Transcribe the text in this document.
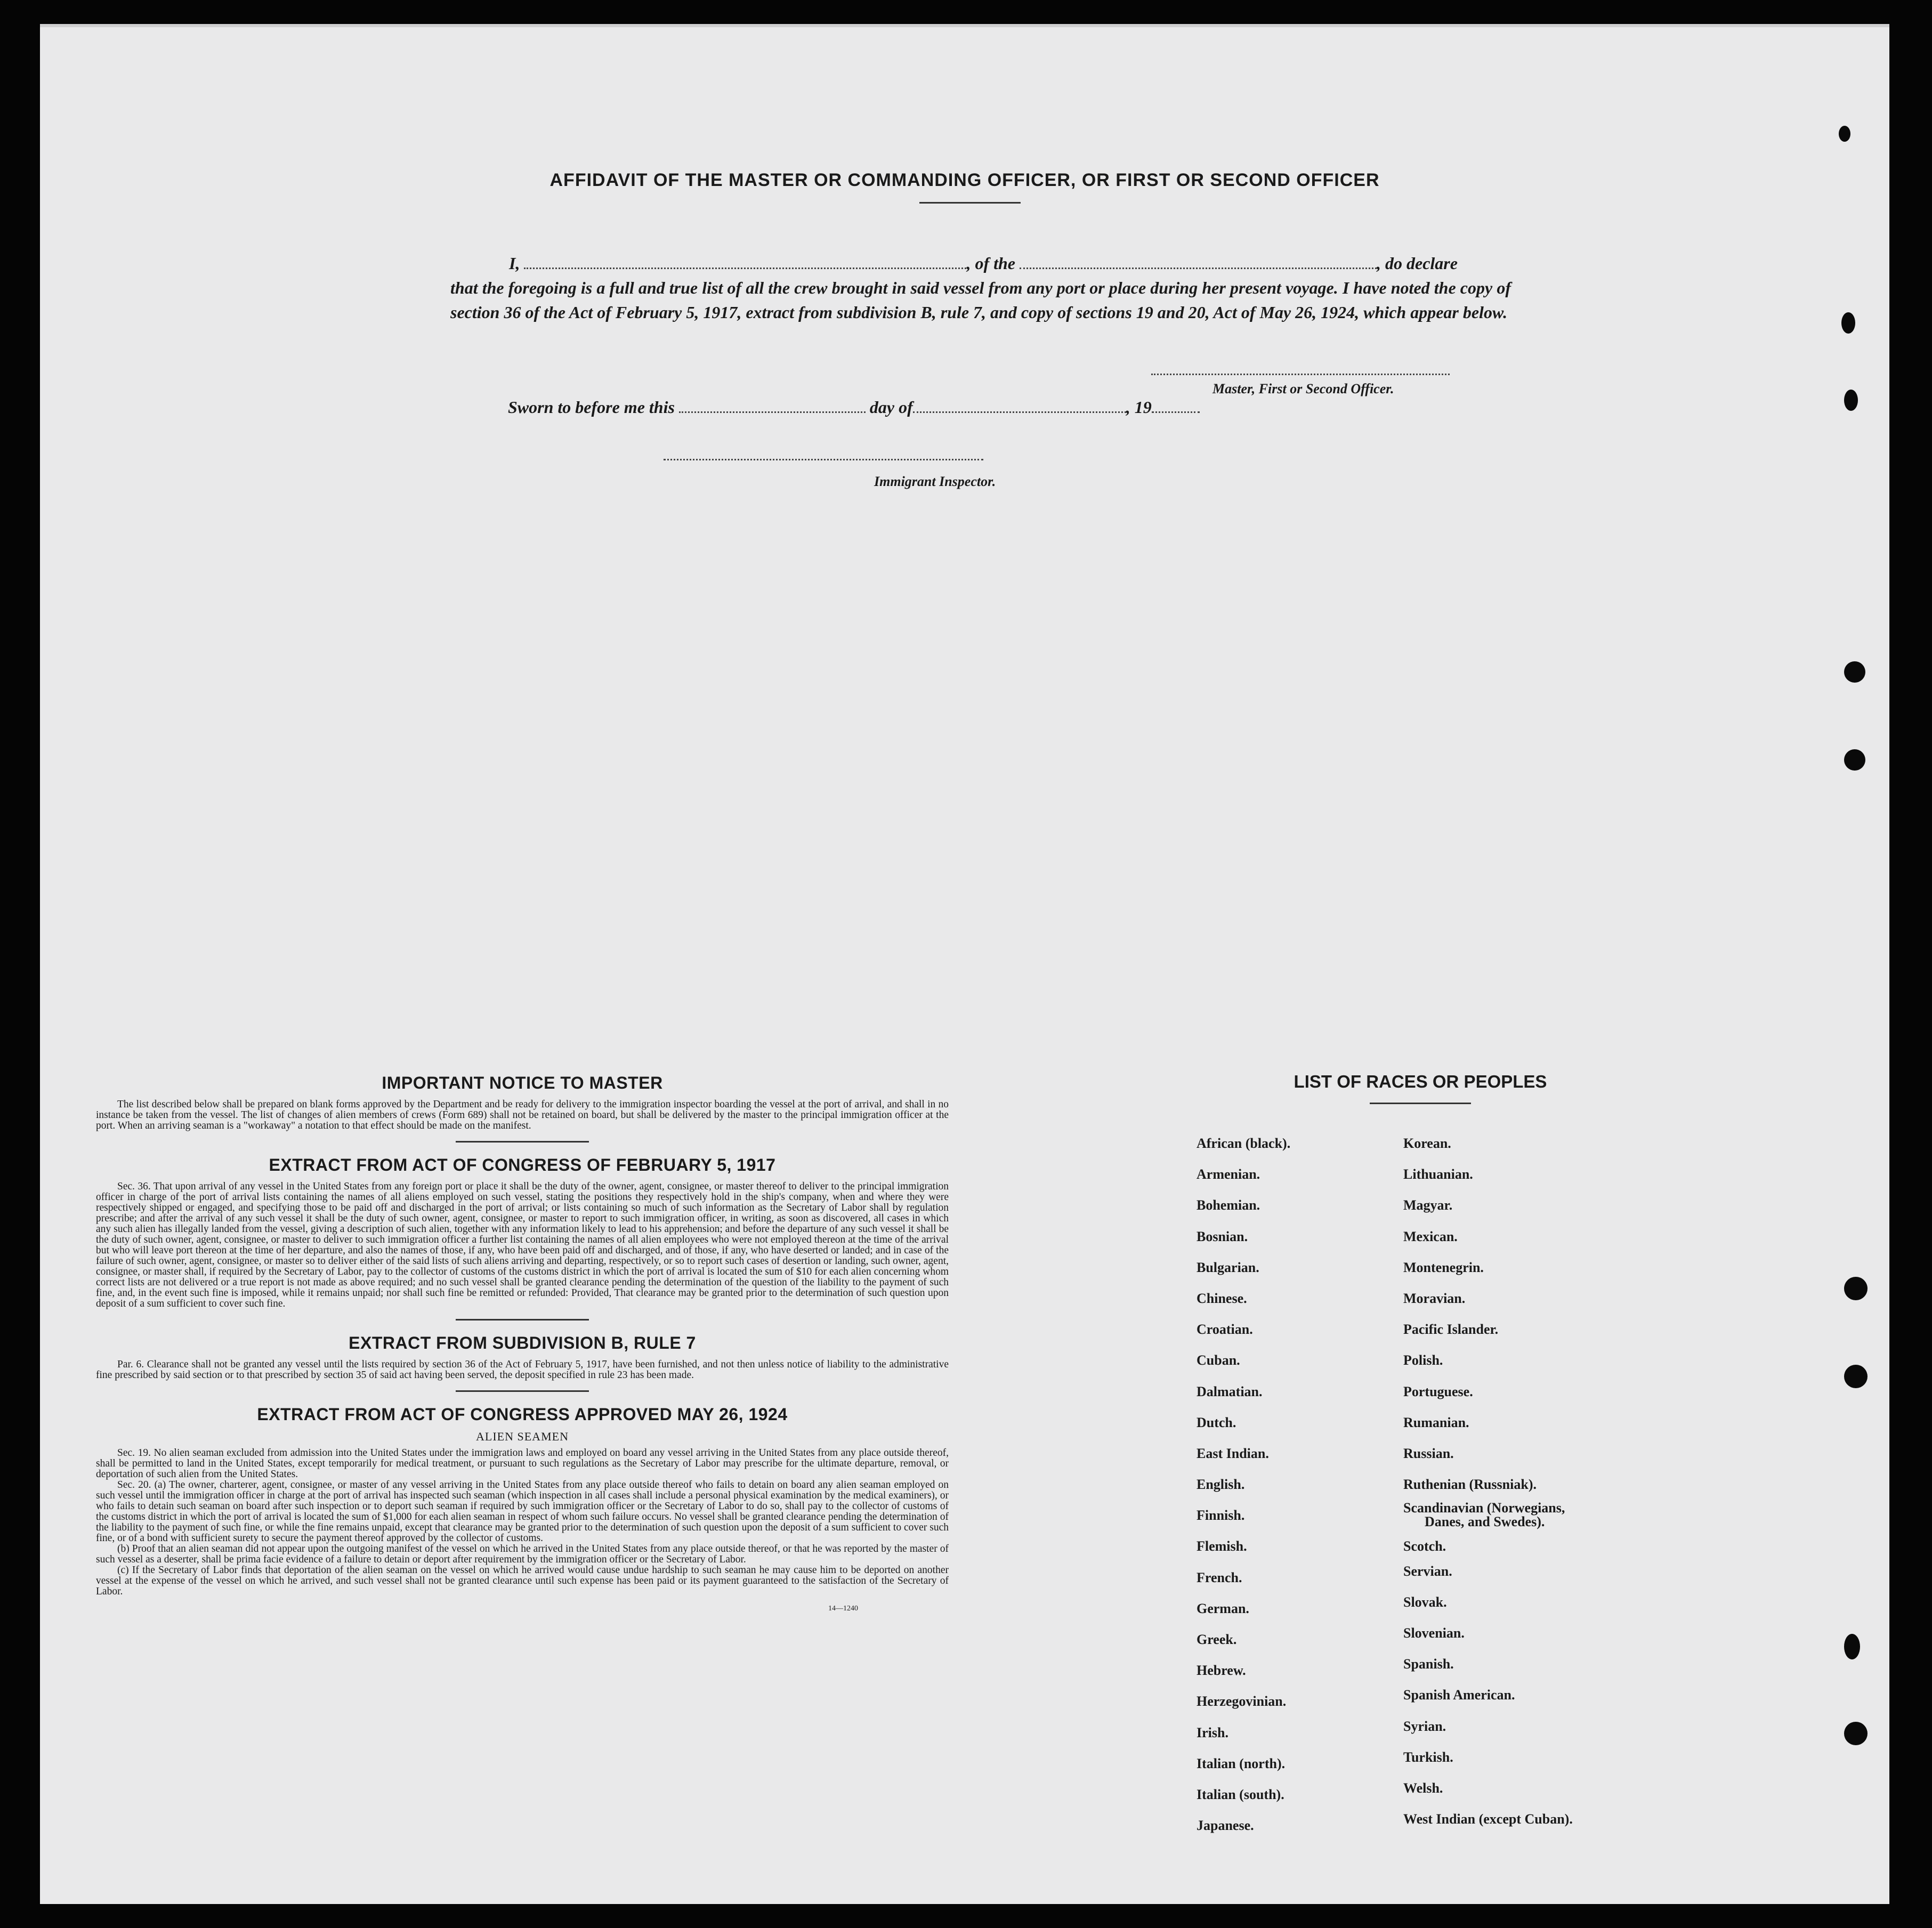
AFFIDAVIT OF THE MASTER OR COMMANDING OFFICER, OR FIRST OR SECOND OFFICER
I,	, of the	, do declare
that the foregoing is a full and true list of all the crew brought in said vessel from any port or place during her present voyage. I have noted the copy of section 36 of the Act of February 5, 1917, extract from subdivision B, rule 7, and copy of sections 19 and 20, Act of May 26, 1924, which appear below.
Master, First or Second Officer.
Sworn to before me this	day of	, 19
Immigrant Inspector.
IMPORTANT NOTICE TO MASTER

The list described below shall be prepared on blank forms approved by the Department and be ready for delivery to the immigration inspector boarding the vessel at the port of arrival, and shall in no instance be taken from the vessel. The list of changes of alien members of crews (Form 689) shall not be retained on board, but shall be delivered by the master to the principal immigration officer at the port. When an arriving seaman is a "workaway" a notation to that effect should be made on the manifest.

EXTRACT FROM ACT OF CONGRESS OF FEBRUARY 5, 1917

Sec. 36. That upon arrival of any vessel in the United States from any foreign port or place it shall be the duty of the owner, agent, consignee, or master thereof to deliver to the principal immigration officer in charge of the port of arrival lists containing the names of all aliens employed on such vessel, stating the positions they respectively hold in the ship's company, when and where they were respectively shipped or engaged, and specifying those to be paid off and discharged in the port of arrival; or lists containing so much of such information as the Secretary of Labor shall by regulation prescribe; and after the arrival of any such vessel it shall be the duty of such owner, agent, consignee, or master to report to such immigration officer, in writing, as soon as discovered, all cases in which any such alien has illegally landed from the vessel, giving a description of such alien, together with any information likely to lead to his apprehension; and before the departure of any such vessel it shall be the duty of such owner, agent, consignee, or master to deliver to such immigration officer a further list containing the names of all alien employees who were not employed thereon at the time of the arrival but who will leave port thereon at the time of her departure, and also the names of those, if any, who have been paid off and discharged, and of those, if any, who have deserted or landed; and in case of the failure of such owner, agent, consignee, or master so to deliver either of the said lists of such aliens arriving and departing, respectively, or so to report such cases of desertion or landing, such owner, agent, consignee, or master shall, if required by the Secretary of Labor, pay to the collector of customs of the customs district in which the port of arrival is located the sum of $10 for each alien concerning whom correct lists are not delivered or a true report is not made as above required; and no such vessel shall be granted clearance pending the determination of the question of the liability to the payment of such fine, and, in the event such fine is imposed, while it remains unpaid; nor shall such fine be remitted or refunded: Provided, That clearance may be granted prior to the determination of such question upon deposit of a sum sufficient to cover such fine.

EXTRACT FROM SUBDIVISION B, RULE 7

Par. 6. Clearance shall not be granted any vessel until the lists required by section 36 of the Act of February 5, 1917, have been furnished, and not then unless notice of liability to the administrative fine prescribed by said section or to that prescribed by section 35 of said act having been served, the deposit specified in rule 23 has been made.

EXTRACT FROM ACT OF CONGRESS APPROVED MAY 26, 1924
ALIEN SEAMEN

Sec. 19. No alien seaman excluded from admission into the United States under the immigration laws and employed on board any vessel arriving in the United States from any place outside thereof, shall be permitted to land in the United States, except temporarily for medical treatment, or pursuant to such regulations as the Secretary of Labor may prescribe for the ultimate departure, removal, or deportation of such alien from the United States.

Sec. 20. (a) The owner, charterer, agent, consignee, or master of any vessel arriving in the United States from any place outside thereof who fails to detain on board any alien seaman employed on such vessel until the immigration officer in charge at the port of arrival has inspected such seaman (which inspection in all cases shall include a personal physical examination by the medical examiners), or who fails to detain such seaman on board after such inspection or to deport such seaman if required by such immigration officer or the Secretary of Labor to do so, shall pay to the collector of customs of the customs district in which the port of arrival is located the sum of $1,000 for each alien seaman in respect of whom such failure occurs. No vessel shall be granted clearance pending the determination of the liability to the payment of such fine, or while the fine remains unpaid, except that clearance may be granted prior to the determination of such question upon the deposit of a sum sufficient to cover such fine, or of a bond with sufficient surety to secure the payment thereof approved by the collector of customs.

(b) Proof that an alien seaman did not appear upon the outgoing manifest of the vessel on which he arrived in the United States from any place outside thereof, or that he was reported by the master of such vessel as a deserter, shall be prima facie evidence of a failure to detain or deport after requirement by the immigration officer or the Secretary of Labor.

(c) If the Secretary of Labor finds that deportation of the alien seaman on the vessel on which he arrived would cause undue hardship to such seaman he may cause him to be deported on another vessel at the expense of the vessel on which he arrived, and such vessel shall not be granted clearance until such expense has been paid or its payment guaranteed to the satisfaction of the Secretary of Labor.

14—1240
LIST OF RACES OR PEOPLES
African (black).
Armenian.
Bohemian.
Bosnian.
Bulgarian.
Chinese.
Croatian.
Cuban.
Dalmatian.
Dutch.
East Indian.
English.
Finnish.
Flemish.
French.
German.
Greek.
Hebrew.
Herzegovinian.
Irish.
Italian (north).
Italian (south).
Japanese.
Korean.
Lithuanian.
Magyar.
Mexican.
Montenegrin.
Moravian.
Pacific Islander.
Polish.
Portuguese.
Rumanian.
Russian.
Ruthenian (Russniak).
Scandinavian (Norwegians,
Danes, and Swedes).
Scotch.
Servian.
Slovak.
Slovenian.
Spanish.
Spanish American.
Syrian.
Turkish.
Welsh.
West Indian (except Cuban).
